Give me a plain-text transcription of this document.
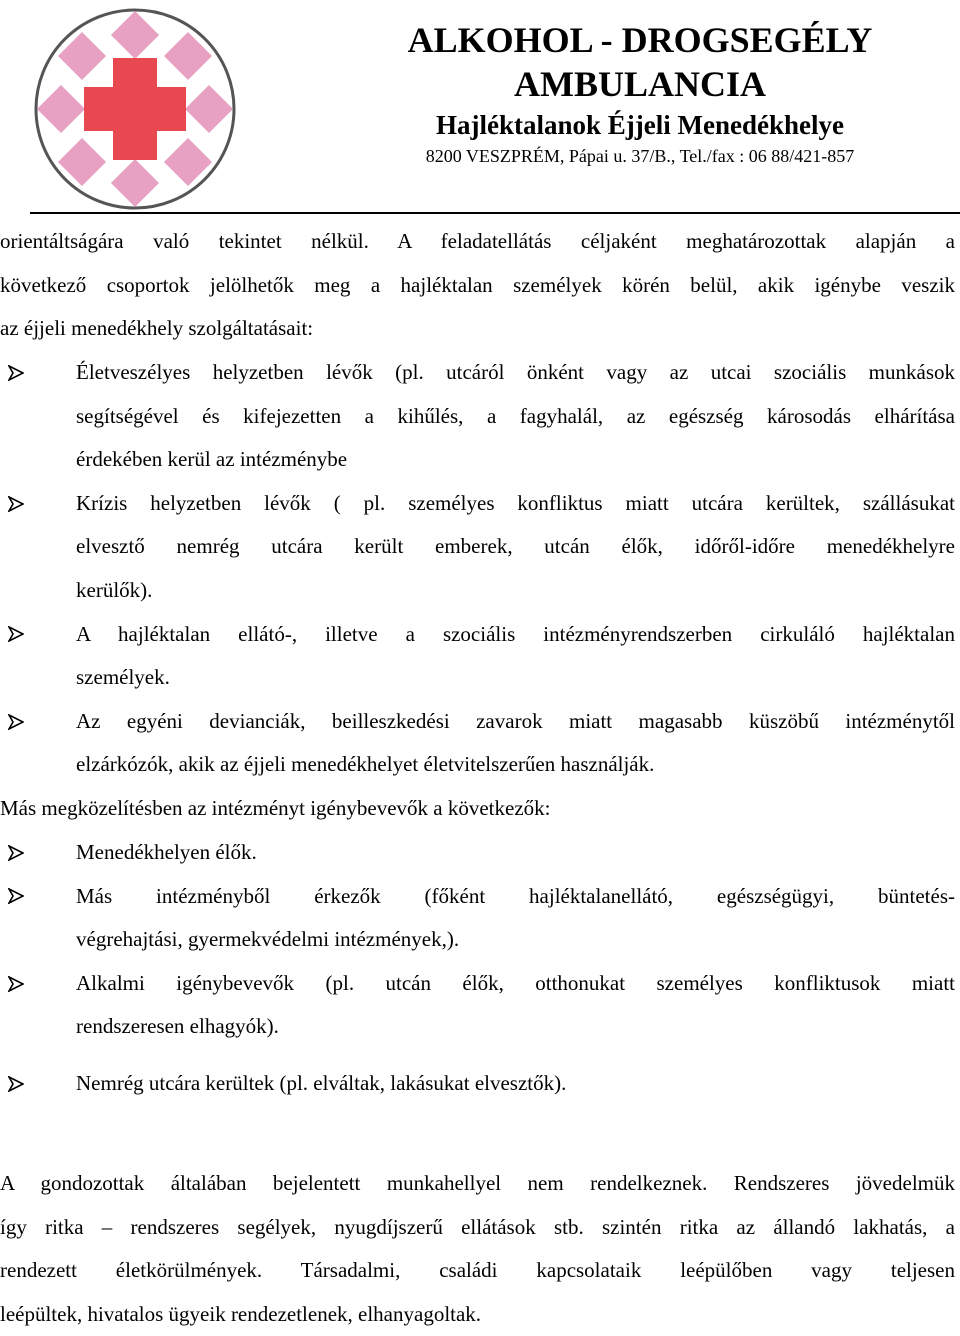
ALKOHOL - DROGSEGÉLY
AMBULANCIA
Hajléktalanok Éjjeli Menedékhelye
8200 VESZPRÉM, Pápai u. 37/B., Tel./fax : 06 88/421-857
orientáltságára való tekintet nélkül. A feladatellátás céljaként meghatározottak alapján a
következő csoportok jelölhetők meg a hajléktalan személyek körén belül, akik igénybe veszik
az éjjeli menedékhely szolgáltatásait:
Életveszélyes helyzetben lévők (pl. utcáról önként vagy az utcai szociális munkások
segítségével és kifejezetten a kihűlés, a fagyhalál, az egészség károsodás elhárítása
érdekében kerül az intézménybe
Krízis helyzetben lévők ( pl. személyes konfliktus miatt utcára kerültek, szállásukat
elvesztő nemrég utcára került emberek, utcán élők, időről-időre menedékhelyre
kerülők).
A hajléktalan ellátó-, illetve a szociális intézményrendszerben cirkuláló hajléktalan
személyek.
Az egyéni devianciák, beilleszkedési zavarok miatt magasabb küszöbű intézménytől
elzárkózók, akik az éjjeli menedékhelyet életvitelszerűen használják.
Más megközelítésben az intézményt igénybevevők a következők:
Menedékhelyen élők.
Más intézményből érkezők (főként hajléktalanellátó, egészségügyi, büntetés-
végrehajtási, gyermekvédelmi intézmények,).
Alkalmi igénybevevők (pl. utcán élők, otthonukat személyes konfliktusok miatt
rendszeresen elhagyók).
Nemrég utcára kerültek (pl. elváltak, lakásukat elvesztők).
A gondozottak általában bejelentett munkahellyel nem rendelkeznek. Rendszeres jövedelmük
így ritka – rendszeres segélyek, nyugdíjszerű ellátások stb. szintén ritka az állandó lakhatás, a
rendezett életkörülmények. Társadalmi, családi kapcsolataik leépülőben vagy teljesen
leépültek, hivatalos ügyeik rendezetlenek, elhanyagoltak.
